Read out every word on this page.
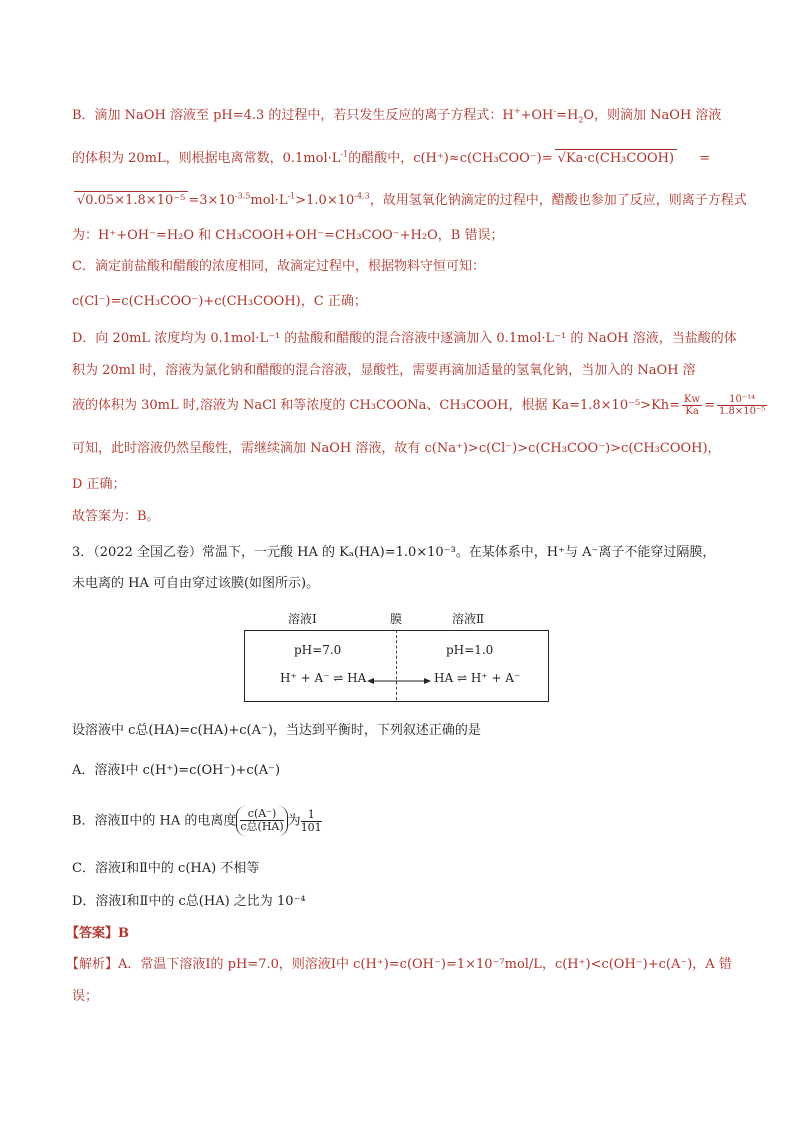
B．滴加 NaOH 溶液至 pH=4.3 的过程中，若只发生反应的离子方程式：$H^++OH^-=H_2O$，则滴加 NaOH 溶液
的体积为 20mL，则根据电离常数，$0.1mol\cdot L^{-1}$的醋酸中，c(H⁺)≈c(CH₃COO⁻)= √Ka·c(CH₃COOH) =
$√0.05\times 1.8\times 10^{-5} =3\times 10^{-3.5}mol\cdot L^{-1}>1.0\times 10^{-4.3}$，故用氢氧化钠滴定的过程中，醋酸也参加了反应，则离子方程式
为：H⁺+OH⁻=H₂O 和 CH₃COOH+OH⁻=CH₃COO⁻+H₂O，B 错误；
C．滴定前盐酸和醋酸的浓度相同，故滴定过程中，根据物料守恒可知：
c(Cl⁻)=c(CH₃COO⁻)+c(CH₃COOH)，C 正确；
D．向 20mL 浓度均为 0.1mol·L⁻¹ 的盐酸和醋酸的混合溶液中逐滴加入 0.1mol·L⁻¹ 的 NaOH 溶液，当盐酸的体
积为 20ml 时，溶液为氯化钠和醋酸的混合溶液，显酸性，需要再滴加适量的氢氧化钠，当加入的 NaOH 溶
液的体积为 30mL 时,溶液为 NaCl 和等浓度的 CH₃COONa、CH₃COOH，根据 $Ka=1.8\times 10^{-5}>Kh= \frac{Kw}{Ka} = \frac{\text{10⁻¹⁴}}{\text{1.8×10⁻⁵}}$
可知，此时溶液仍然呈酸性，需继续滴加 NaOH 溶液，故有 c(Na⁺)>c(Cl⁻)>c(CH₃COO⁻)>c(CH₃COOH)，
D 正确；
故答案为：B。
3．（2022 全国乙卷）常温下，一元酸 HA 的 Kₐ(HA)=1.0×10⁻³。在某体系中，H⁺与 A⁻离子不能穿过隔膜，
未电离的 HA 可自由穿过该膜(如图所示)。
溶液Ⅰ	膜	溶液Ⅱ
pH=7.0	pH=1.0
H⁺ + A⁻ ⇌ HA	HA ⇌ H⁺ + A⁻
设溶液中 c总(HA)=c(HA)+c(A⁻)，当达到平衡时，下列叙述正确的是
A．溶液Ⅰ中 c(H⁺)=c(OH⁻)+c(A⁻)
B．溶液Ⅱ中的 HA 的电离度 $\frac{c(A^-)}{\text{c总(HA)}}$ 为 $\frac{1}{101}$
C．溶液Ⅰ和Ⅱ中的 c(HA) 不相等
D．溶液Ⅰ和Ⅱ中的 c总(HA) 之比为 10⁻⁴
【答案】B
【解析】A．常温下溶液Ⅰ的 pH=7.0，则溶液Ⅰ中 c(H⁺)=c(OH⁻)=1×10⁻⁷mol/L，c(H⁺)<c(OH⁻)+c(A⁻)，A 错
误；
